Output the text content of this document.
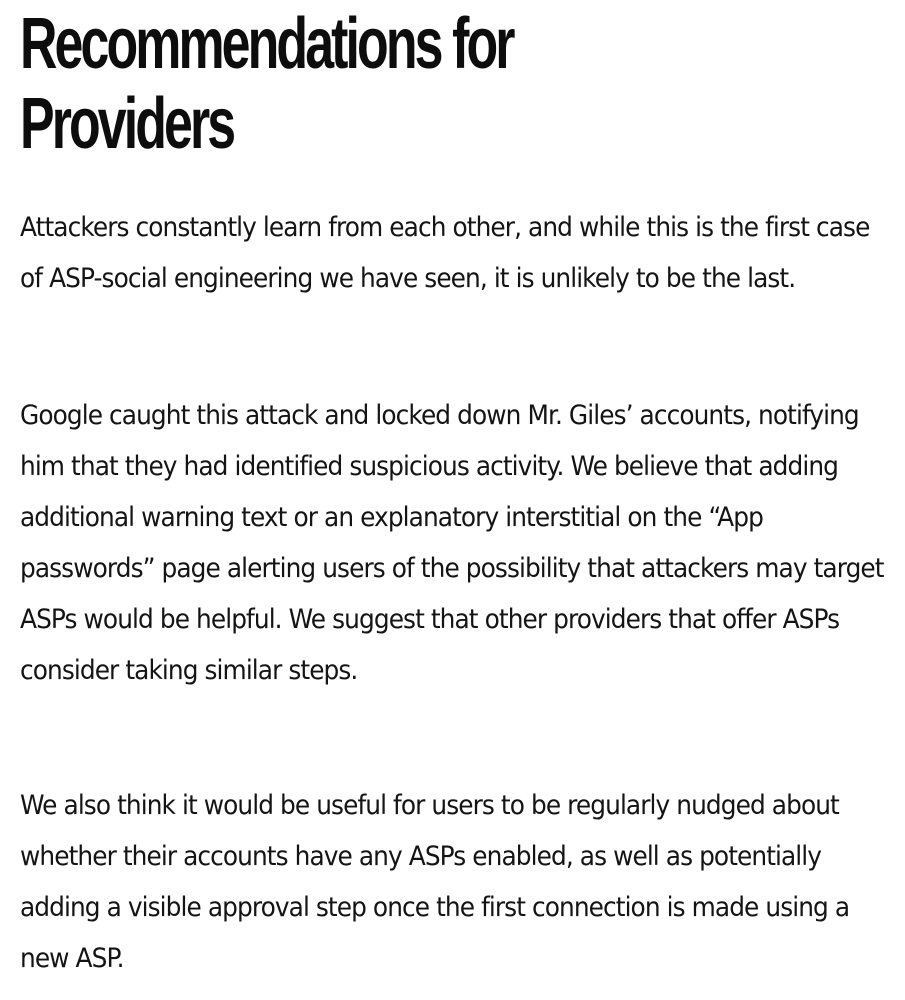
Recommendations for
Providers

Attackers constantly learn from each other, and while this is the first case of ASP-social engineering we have seen, it is unlikely to be the last.

Google caught this attack and locked down Mr. Giles’ accounts, notifying him that they had identified suspicious activity. We believe that adding additional warning text or an explanatory interstitial on the “App passwords” page alerting users of the possibility that attackers may target ASPs would be helpful. We suggest that other providers that offer ASPs consider taking similar steps.

We also think it would be useful for users to be regularly nudged about whether their accounts have any ASPs enabled, as well as potentially adding a visible approval step once the first connection is made using a new ASP.
